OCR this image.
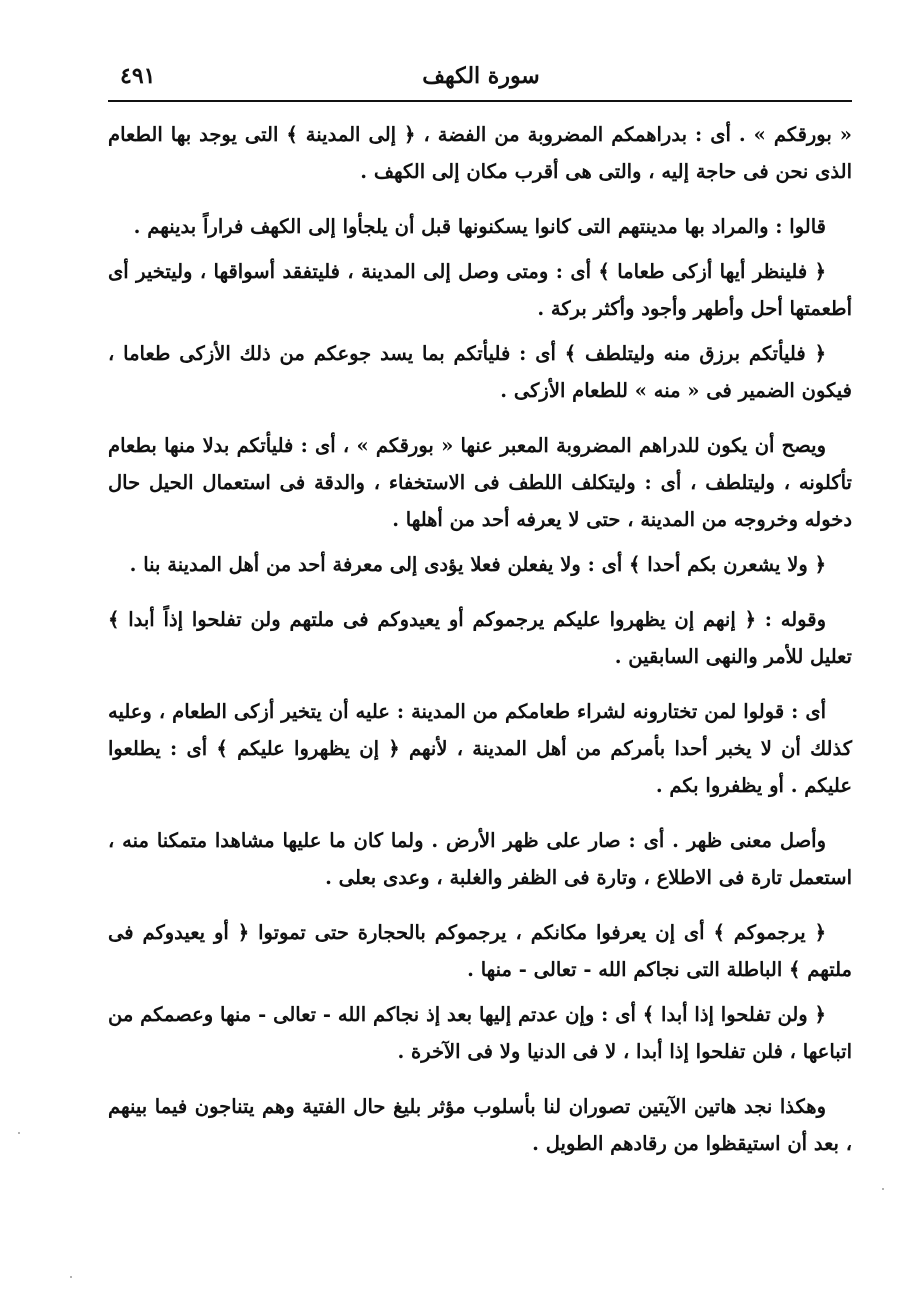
سورة الكهف
٤٩١

« بورقكم » . أى : بدراهمكم المضروبة من الفضة ، ﴿ إلى المدينة ﴾ التى يوجد بها الطعام الذى نحن فى حاجة إليه ، والتى هى أقرب مكان إلى الكهف .

قالوا : والمراد بها مدينتهم التى كانوا يسكنونها قبل أن يلجأوا إلى الكهف فراراً بدينهم .

﴿ فلينظر أيها أزكى طعاما ﴾ أى : ومتى وصل إلى المدينة ، فليتفقد أسواقها ، وليتخير أى أطعمتها أحل وأطهر وأجود وأكثر بركة .

﴿ فليأتكم برزق منه وليتلطف ﴾ أى : فليأتكم بما يسد جوعكم من ذلك الأزكى طعاما ، فيكون الضمير فى « منه » للطعام الأزكى .

ويصح أن يكون للدراهم المضروبة المعبر عنها « بورقكم » ، أى : فليأتكم بدلا منها بطعام تأكلونه ، وليتلطف ، أى : وليتكلف اللطف فى الاستخفاء ، والدقة فى استعمال الحيل حال دخوله وخروجه من المدينة ، حتى لا يعرفه أحد من أهلها .

﴿ ولا يشعرن بكم أحدا ﴾ أى : ولا يفعلن فعلا يؤدى إلى معرفة أحد من أهل المدينة بنا .

وقوله : ﴿ إنهم إن يظهروا عليكم يرجموكم أو يعيدوكم فى ملتهم ولن تفلحوا إذاً أبدا ﴾ تعليل للأمر والنهى السابقين .

أى : قولوا لمن تختارونه لشراء طعامكم من المدينة : عليه أن يتخير أزكى الطعام ، وعليه كذلك أن لا يخبر أحدا بأمركم من أهل المدينة ، لأنهم ﴿ إن يظهروا عليكم ﴾ أى : يطلعوا عليكم . أو يظفروا بكم .

وأصل معنى ظهر . أى : صار على ظهر الأرض . ولما كان ما عليها مشاهدا متمكنا منه ، استعمل تارة فى الاطلاع ، وتارة فى الظفر والغلبة ، وعدى بعلى .

﴿ يرجموكم ﴾ أى إن يعرفوا مكانكم ، يرجموكم بالحجارة حتى تموتوا ﴿ أو يعيدوكم فى ملتهم ﴾ الباطلة التى نجاكم الله - تعالى - منها .

﴿ ولن تفلحوا إذا أبدا ﴾ أى : وإن عدتم إليها بعد إذ نجاكم الله - تعالى - منها وعصمكم من اتباعها ، فلن تفلحوا إذا أبدا ، لا فى الدنيا ولا فى الآخرة .

وهكذا نجد هاتين الآيتين تصوران لنا بأسلوب مؤثر بليغ حال الفتية وهم يتناجون فيما بينهم ، بعد أن استيقظوا من رقادهم الطويل .
